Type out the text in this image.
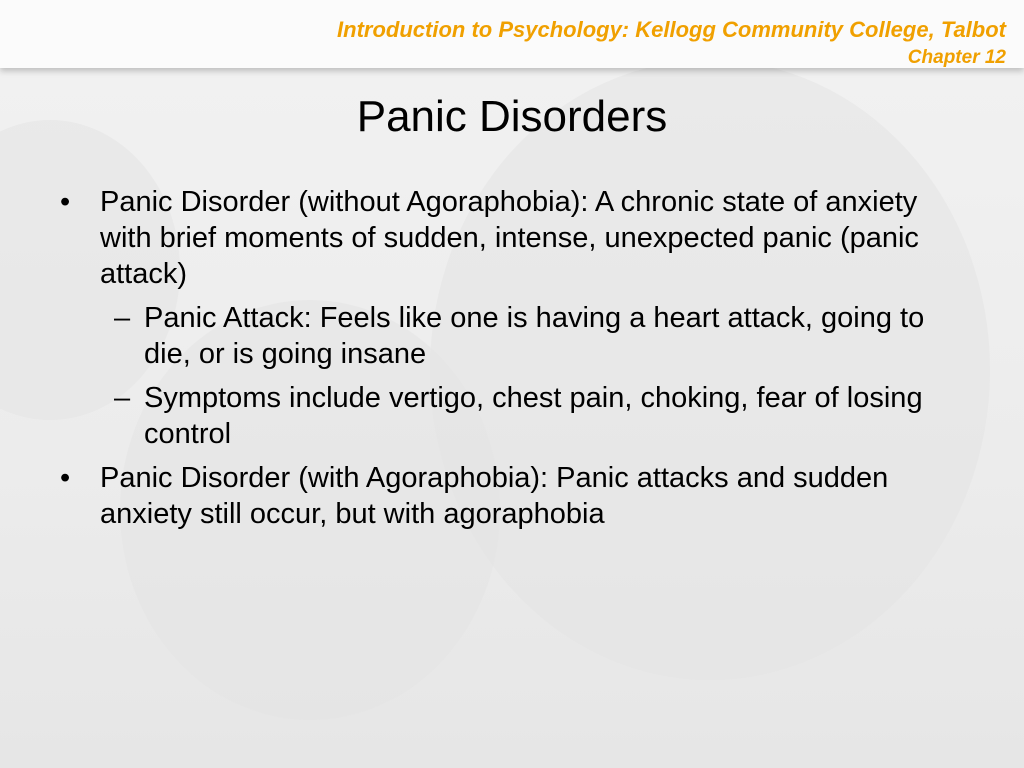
Introduction to Psychology: Kellogg Community College, Talbot

Chapter 12

Panic Disorders
• Panic Disorder (without Agoraphobia): A chronic state of anxiety with brief moments of sudden, intense, unexpected panic (panic attack)
– Panic Attack: Feels like one is having a heart attack, going to die, or is going insane
– Symptoms include vertigo, chest pain, choking, fear of losing control
• Panic Disorder (with Agoraphobia): Panic attacks and sudden anxiety still occur, but with agoraphobia
